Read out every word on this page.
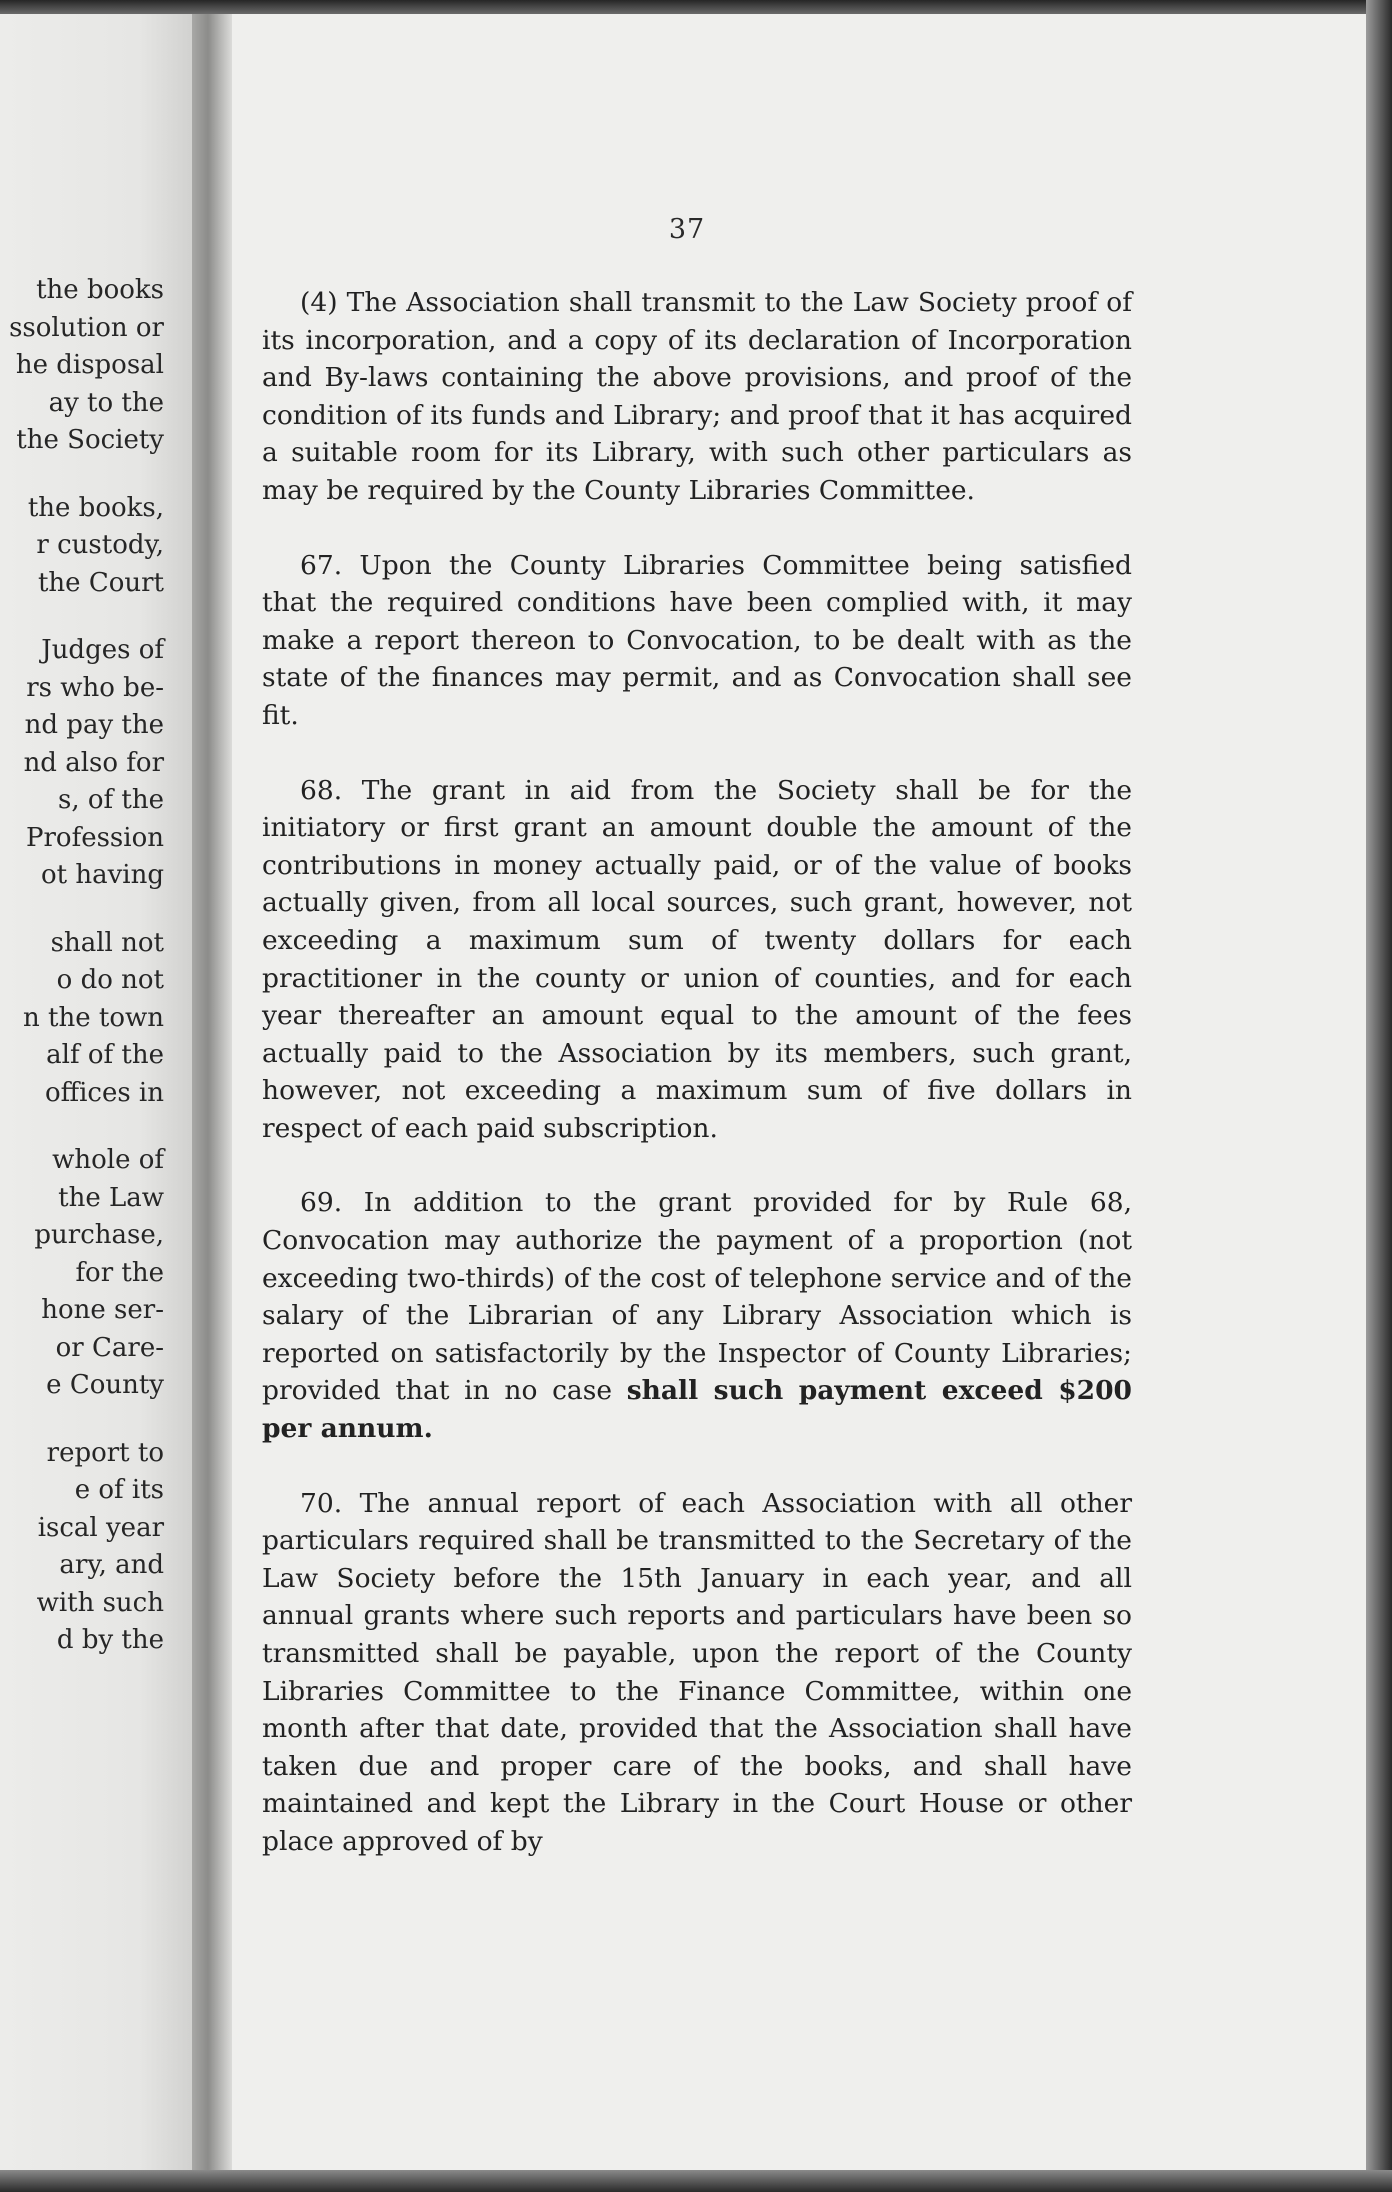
the books
ssolution or
he disposal
ay to the
the Society
the books,
r custody,
the Court
Judges of
rs who be-
nd pay the
nd also for
s, of the
Profession
ot having
shall not
o do not
n the town
alf of the
offices in
whole of
the Law
purchase,
for the
hone ser-
or Care-
e County
report to
e of its
iscal year
ary, and
with such
d by the
37

(4) The Association shall transmit to the Law Society proof of its incorporation, and a copy of its declaration of Incorporation and By-laws containing the above provisions, and proof of the condition of its funds and Library; and proof that it has acquired a suitable room for its Library, with such other particulars as may be required by the County Libraries Committee.

67. Upon the County Libraries Committee being satisfied that the required conditions have been complied with, it may make a report thereon to Convocation, to be dealt with as the state of the finances may permit, and as Convocation shall see fit.

68. The grant in aid from the Society shall be for the initiatory or first grant an amount double the amount of the contributions in money actually paid, or of the value of books actually given, from all local sources, such grant, however, not exceeding a maximum sum of twenty dollars for each practitioner in the county or union of counties, and for each year thereafter an amount equal to the amount of the fees actually paid to the Association by its members, such grant, however, not exceeding a maximum sum of five dollars in respect of each paid subscription.

69. In addition to the grant provided for by Rule 68, Convocation may authorize the payment of a proportion (not exceeding two-thirds) of the cost of telephone service and of the salary of the Librarian of any Library Association which is reported on satisfactorily by the Inspector of County Libraries; provided that in no case shall such payment exceed $200 per annum.

70. The annual report of each Association with all other particulars required shall be transmitted to the Secretary of the Law Society before the 15th January in each year, and all annual grants where such reports and particulars have been so transmitted shall be payable, upon the report of the County Libraries Committee to the Finance Committee, within one month after that date, provided that the Association shall have taken due and proper care of the books, and shall have maintained and kept the Library in the Court House or other place approved of by
